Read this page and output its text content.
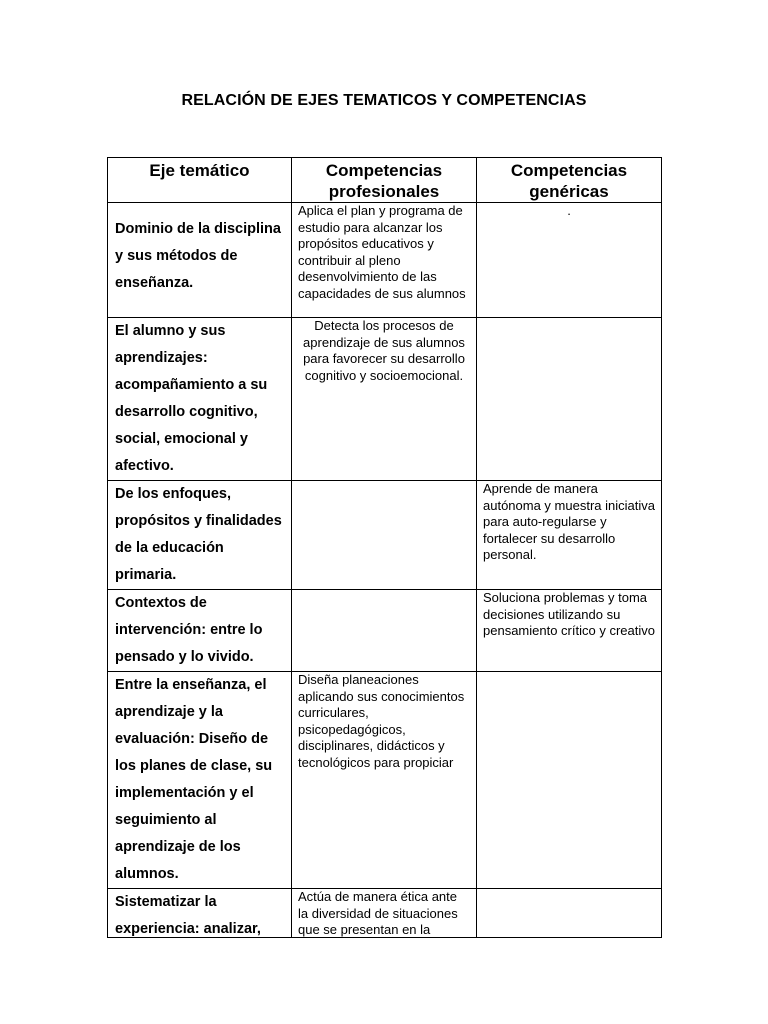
RELACIÓN DE EJES TEMATICOS Y COMPETENCIAS
Eje temático	Competencias profesionales	Competencias genéricas
Dominio de la disciplina y sus métodos de enseñanza.	Aplica el plan y programa de estudio para alcanzar los propósitos educativos y contribuir al pleno desenvolvimiento de las capacidades de sus alumnos	.
El alumno y sus aprendizajes: acompañamiento a su desarrollo cognitivo, social, emocional y afectivo.	Detecta los procesos de aprendizaje de sus alumnos para favorecer su desarrollo cognitivo y socioemocional.	
De los enfoques, propósitos y finalidades de la educación primaria.		Aprende de manera autónoma y muestra iniciativa para auto-regularse y fortalecer su desarrollo personal.
Contextos de intervención: entre lo pensado y lo vivido.		Soluciona problemas y toma decisiones utilizando su pensamiento crítico y creativo
Entre la enseñanza, el aprendizaje y la evaluación: Diseño de los planes de clase, su implementación y el seguimiento al aprendizaje de los alumnos.	Diseña planeaciones aplicando sus conocimientos curriculares, psicopedagógicos, disciplinares, didácticos y tecnológicos para propiciar	

Sistematizar la experiencia: analizar,	Actúa de manera ética ante la diversidad de situaciones que se presentan en la	
